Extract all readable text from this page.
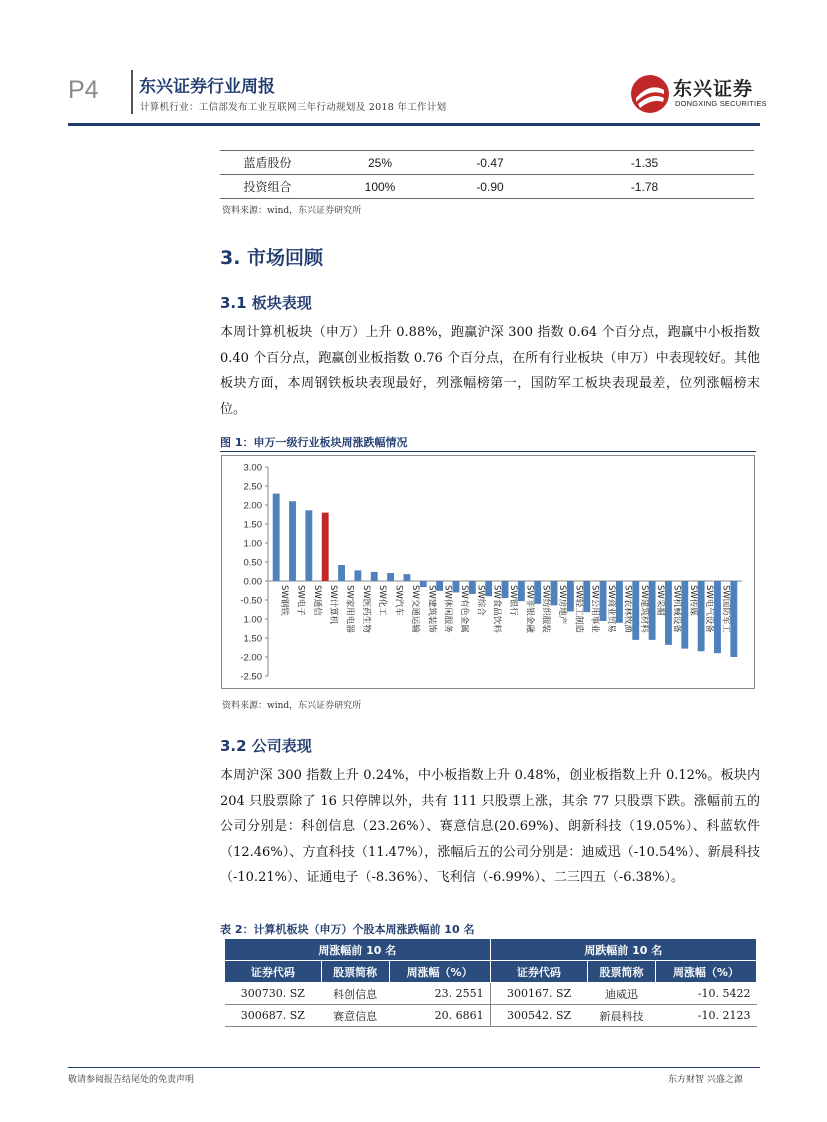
P4 东兴证券行业周报
计算机行业：工信部发布工业互联网三年行动规划及 2018 年工作计划
东兴证券
DONGXING SECURITIES
蓝盾股份	25%	-0.47	-1.35
投资组合	100%	-0.90	-1.78
资料来源：wind，东兴证券研究所
3. 市场回顾
3.1 板块表现
本周计算机板块（申万）上升 0.88%，跑赢沪深 300 指数 0.64 个百分点，跑赢中小板指数 0.40 个百分点，跑赢创业板指数 0.76 个百分点，在所有行业板块（申万）中表现较好。其他板块方面，本周钢铁板块表现最好，列涨幅榜第一，国防军工板块表现最差，位列涨幅榜末位。
图 1：申万一级行业板块周涨跌幅情况
3.00
2.50
2.00
1.50
1.00
0.50
0.00
-0.50
1.00
1.50
-2.00
-2.50
SW钢铁 SW电子 SW通信 SW计算机 SW家用电器 SW医药生物 SW化工 SW汽车 SW交通运输 SW建筑装饰 SW休闲服务 SW有色金属 SW综合 SW食品饮料 SW银行 SW非银金融 SW纺织服装 SW房地产 SW轻工制造 SW公用事业 SW商业贸易 SW农林牧渔 SW建筑材料 SW采掘 SW机械设备 SW传媒 SW电气设备 SW国防军工
资料来源：wind，东兴证券研究所
3.2 公司表现
本周沪深 300 指数上升 0.24%，中小板指数上升 0.48%，创业板指数上升 0.12%。板块内 204 只股票除了 16 只停牌以外，共有 111 只股票上涨，其余 77 只股票下跌。涨幅前五的公司分别是：科创信息（23.26%）、赛意信息(20.69%)、朗新科技（19.05%）、科蓝软件（12.46%）、方直科技（11.47%），涨幅后五的公司分别是：迪威迅（-10.54%）、新晨科技（-10.21%）、证通电子（-8.36%）、飞利信（-6.99%）、二三四五（-6.38%）。
表 2：计算机板块（申万）个股本周涨跌幅前 10 名
周涨幅前 10 名			周跌幅前 10 名		
证券代码	股票简称	周涨幅（%）	证券代码	股票简称	周涨幅（%）
300730. SZ	科创信息	23. 2551	300167. SZ	迪威迅	-10. 5422
300687. SZ	赛意信息	20. 6861	300542. SZ	新晨科技	-10. 2123
敬请参阅报告结尾处的免责声明	东方财智 兴盛之源
